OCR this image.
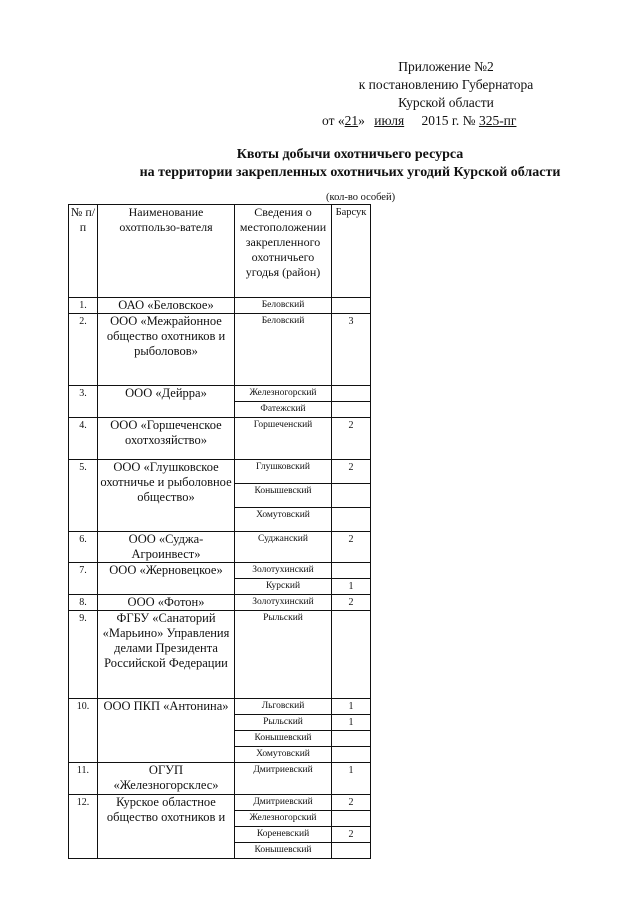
Приложение №2
к постановлению Губернатора
Курской области
от «21» июля 2015 г. № 325-пг
Квоты добычи охотничьего ресурса
на территории закрепленных охотничьих угодий Курской области
(кол-во особей)
№ п/п	Наименование охотпользо-вателя	Сведения о местоположении закрепленного охотничьего угодья (район)	Барсук
1.	ОАО «Беловское»	Беловский	
2.	ООО «Межрайонное общество охотников и рыболовов»	Беловский	3
3.	ООО «Дейрра»	Железногорский	
		Фатежский	
4.	ООО «Горшеченское охотхозяйство»	Горшеченский	2
5.	ООО «Глушковское охотничье и рыболовное общество»	Глушковский	2
		Конышевский	
		Хомутовский	
6.	ООО «Суджа-Агроинвест»	Суджанский	2
7.	ООО «Жерновецкое»	Золотухинский	
		Курский	1
8.	ООО «Фотон»	Золотухинский	2
9.	ФГБУ «Санаторий «Марьино» Управления делами Президента Российской Федерации	Рыльский	
10.	ООО ПКП «Антонина»	Льговский	1
		Рыльский	1
		Конышевский	
		Хомутовский	
11.	ОГУП «Железногорсклес»	Дмитриевский	1
12.	Курское областное общество охотников и	Дмитриевский	2
		Железногорский	
		Кореневский	2
		Конышевский	
